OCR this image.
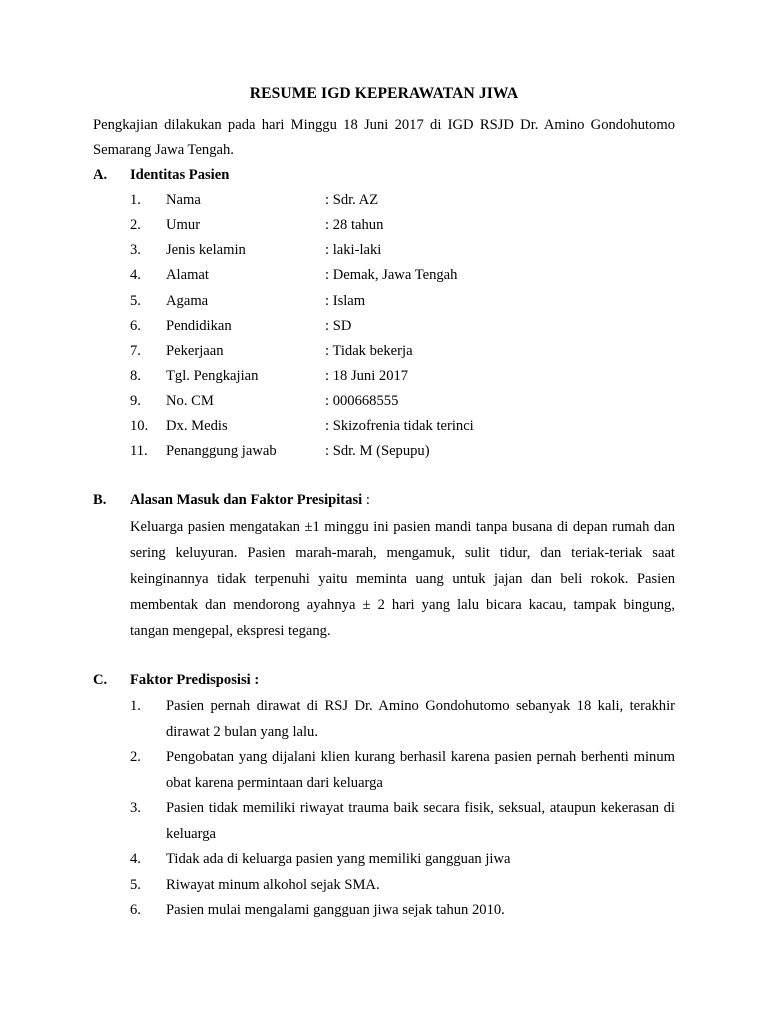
RESUME IGD KEPERAWATAN JIWA
Pengkajian dilakukan pada hari Minggu 18 Juni 2017 di IGD RSJD Dr. Amino Gondohutomo Semarang Jawa Tengah.
A. Identitas Pasien
1. Nama	: Sdr. AZ
2. Umur	: 28 tahun
3. Jenis kelamin	: laki-laki
4. Alamat	: Demak, Jawa Tengah
5. Agama	: Islam
6. Pendidikan	: SD
7. Pekerjaan	: Tidak bekerja
8. Tgl. Pengkajian	: 18 Juni 2017
9. No. CM	: 000668555
10. Dx. Medis	: Skizofrenia tidak terinci
11. Penanggung jawab	: Sdr. M (Sepupu)
B. Alasan Masuk dan Faktor Presipitasi :
Keluarga pasien mengatakan ±1 minggu ini pasien mandi tanpa busana di depan rumah dan sering keluyuran. Pasien marah-marah, mengamuk, sulit tidur, dan teriak-teriak saat keinginannya tidak terpenuhi yaitu meminta uang untuk jajan dan beli rokok. Pasien membentak dan mendorong ayahnya ± 2 hari yang lalu bicara kacau, tampak bingung, tangan mengepal, ekspresi tegang.
C. Faktor Predisposisi :
1. Pasien pernah dirawat di RSJ Dr. Amino Gondohutomo sebanyak 18 kali, terakhir dirawat 2 bulan yang lalu.
2. Pengobatan yang dijalani klien kurang berhasil karena pasien pernah berhenti minum obat karena permintaan dari keluarga
3. Pasien tidak memiliki riwayat trauma baik secara fisik, seksual, ataupun kekerasan di keluarga
4. Tidak ada di keluarga pasien yang memiliki gangguan jiwa
5. Riwayat minum alkohol sejak SMA.
6. Pasien mulai mengalami gangguan jiwa sejak tahun 2010.
